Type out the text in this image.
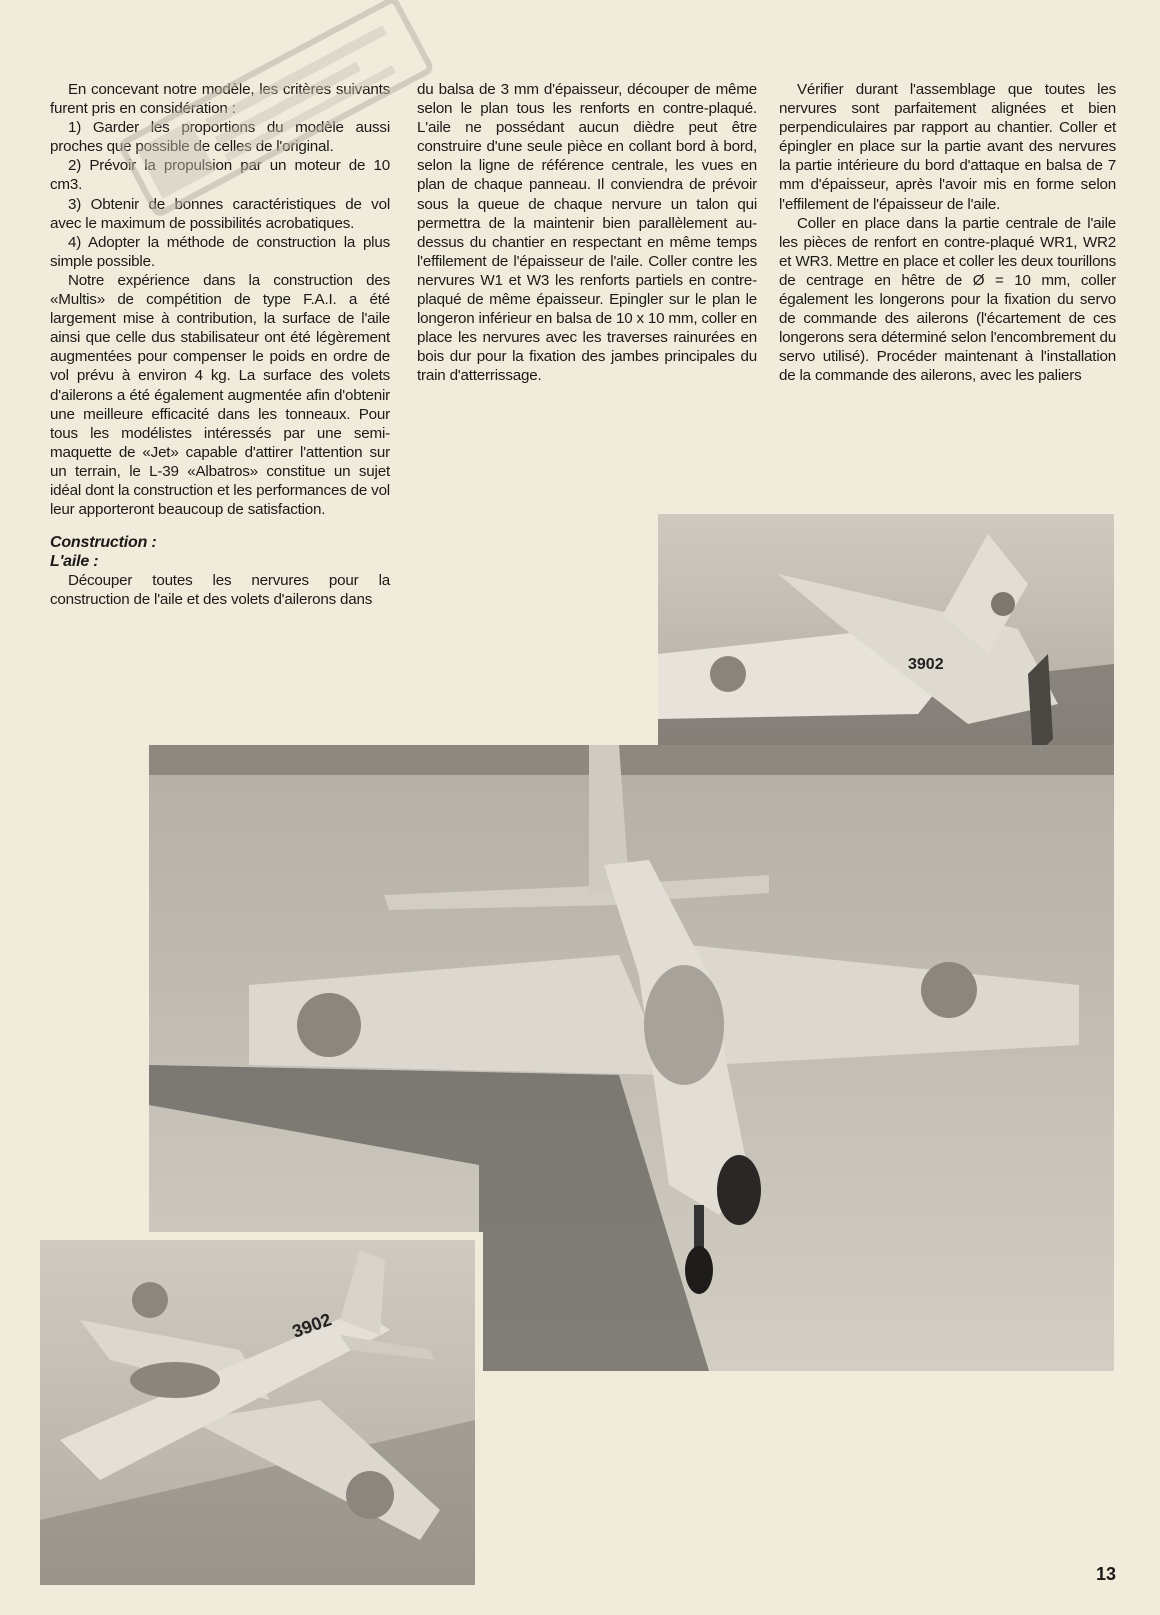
En concevant notre modèle, les critères suivants furent pris en considération :

1) Garder les proportions du modèle aussi proches que possible de celles de l'original.

2) Prévoir la propulsion par un moteur de 10 cm3.

3) Obtenir de bonnes caractéristiques de vol avec le maximum de possibilités acrobatiques.

4) Adopter la méthode de construction la plus simple possible.

Notre expérience dans la construction des «Multis» de compétition de type F.A.I. a été largement mise à contribution, la surface de l'aile ainsi que celle dus stabilisateur ont été légèrement augmentées pour compenser le poids en ordre de vol prévu à environ 4 kg. La surface des volets d'ailerons a été également augmentée afin d'obtenir une meilleure efficacité dans les tonneaux. Pour tous les modélistes intéressés par une semi-maquette de «Jet» capable d'attirer l'attention sur un terrain, le L-39 «Albatros» constitue un sujet idéal dont la construction et les performances de vol leur apporteront beaucoup de satisfaction.

Construction :
L'aile :

Découper toutes les nervures pour la construction de l'aile et des volets d'ailerons dans

du balsa de 3 mm d'épaisseur, découper de même selon le plan tous les renforts en contre-plaqué. L'aile ne possédant aucun dièdre peut être construire d'une seule pièce en collant bord à bord, selon la ligne de référence centrale, les vues en plan de chaque panneau. Il conviendra de prévoir sous la queue de chaque nervure un talon qui permettra de la maintenir bien parallèlement au-dessus du chantier en respectant en même temps l'effilement de l'épaisseur de l'aile. Coller contre les nervures W1 et W3 les renforts partiels en contre-plaqué de même épaisseur. Epingler sur le plan le longeron inférieur en balsa de 10 x 10 mm, coller en place les nervures avec les traverses rainurées en bois dur pour la fixation des jambes principales du train d'atterrissage.

Vérifier durant l'assemblage que toutes les nervures sont parfaitement alignées et bien perpendiculaires par rapport au chantier. Coller et épingler en place sur la partie avant des nervures la partie intérieure du bord d'attaque en balsa de 7 mm d'épaisseur, après l'avoir mis en forme selon l'effilement de l'épaisseur de l'aile.

Coller en place dans la partie centrale de l'aile les pièces de renfort en contre-plaqué WR1, WR2 et WR3. Mettre en place et coller les deux tourillons de centrage en hêtre de Ø = 10 mm, coller également les longerons pour la fixation du servo de commande des ailerons (l'écartement de ces longerons sera déterminé selon l'encombrement du servo utilisé). Procéder maintenant à l'installation de la commande des ailerons, avec les paliers

3902
3902
13
